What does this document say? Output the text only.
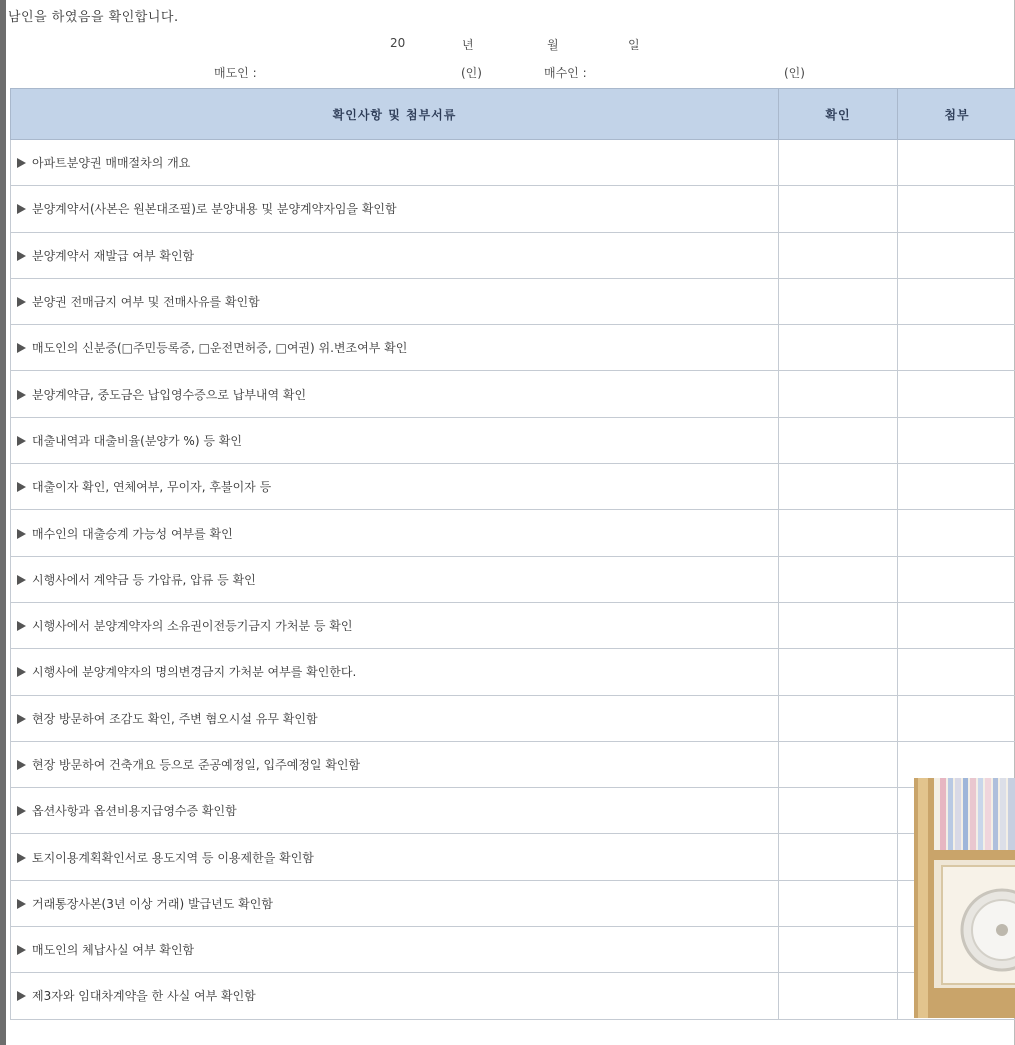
남인을 하였음을 확인합니다.
20	년	월	일
매도인 :	(인)	매수인 :	(인)
확인사항 및 첨부서류	확인	첨부
아파트분양권 매매절차의 개요		
분양계약서(사본은 원본대조필)로 분양내용 및 분양계약자임을 확인함		
분양계약서 재발급 여부 확인함		
분양권 전매금지 여부 및 전매사유를 확인함		
매도인의 신분증(□주민등록증, □운전면허증, □여권) 위.변조여부 확인		
분양계약금, 중도금은 납입영수증으로 납부내역 확인		
대출내역과 대출비율(분양가 %) 등 확인		
대출이자 확인, 연체여부, 무이자, 후불이자 등		
매수인의 대출승계 가능성 여부를 확인		
시행사에서 계약금 등 가압류, 압류 등 확인		
시행사에서 분양계약자의 소유권이전등기금지 가처분 등 확인		
시행사에 분양계약자의 명의변경금지 가처분 여부를 확인한다.		
현장 방문하여 조감도 확인, 주변 혐오시설 유무 확인함		
현장 방문하여 건축개요 등으로 준공예정일, 입주예정일 확인함		
옵션사항과 옵션비용지급영수증 확인함		
토지이용계획확인서로 용도지역 등 이용제한을 확인함		
거래통장사본(3년 이상 거래) 발급년도 확인함		
매도인의 체납사실 여부 확인함		
제3자와 임대차계약을 한 사실 여부 확인함		
